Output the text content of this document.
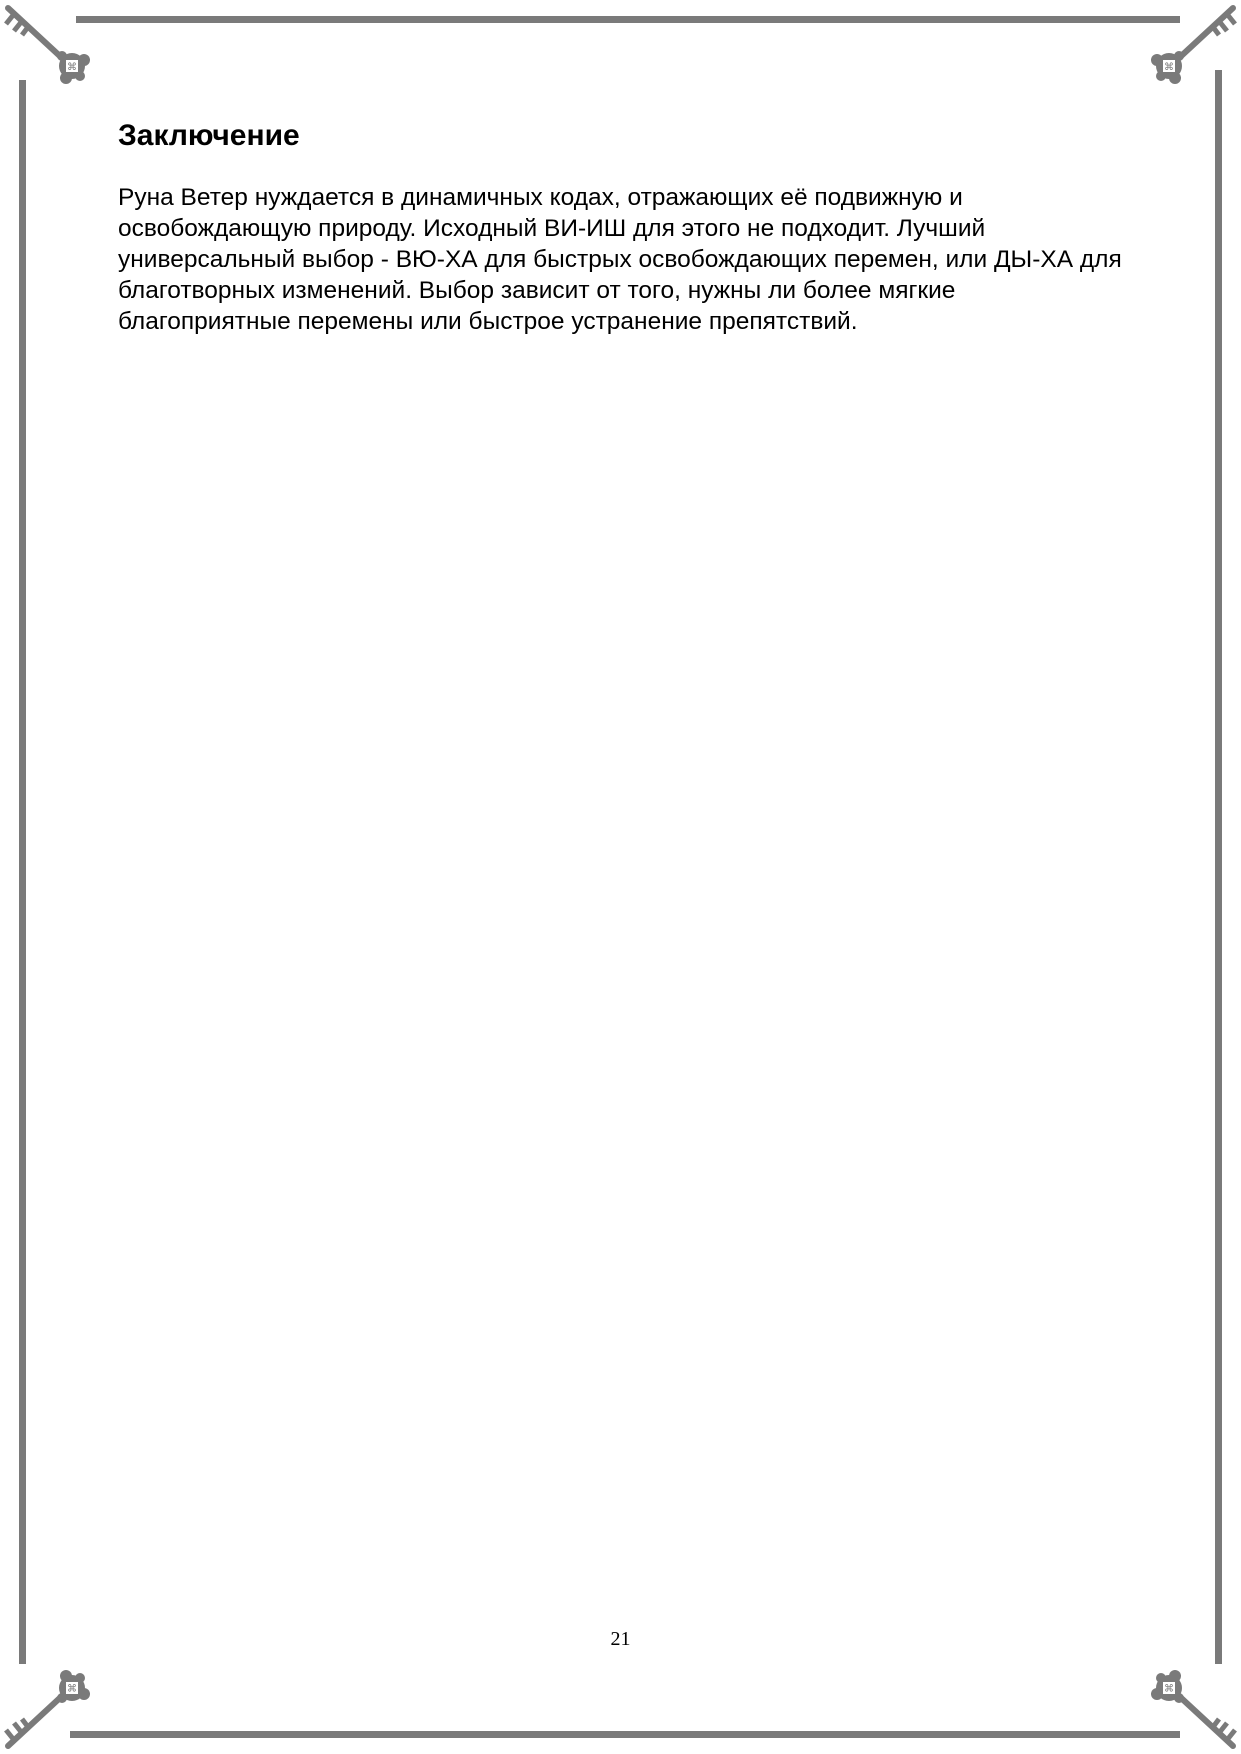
⌘	⌘
⌘	⌘
Заключение

Руна Ветер нуждается в динамичных кодах, отражающих её подвижную и освобождающую природу. Исходный ВИ-ИШ для этого не подходит. Лучший универсальный выбор - ВЮ-ХА для быстрых освобождающих перемен, или ДЫ-ХА для благотворных изменений. Выбор зависит от того, нужны ли более мягкие благоприятные перемены или быстрое устранение препятствий.

21
